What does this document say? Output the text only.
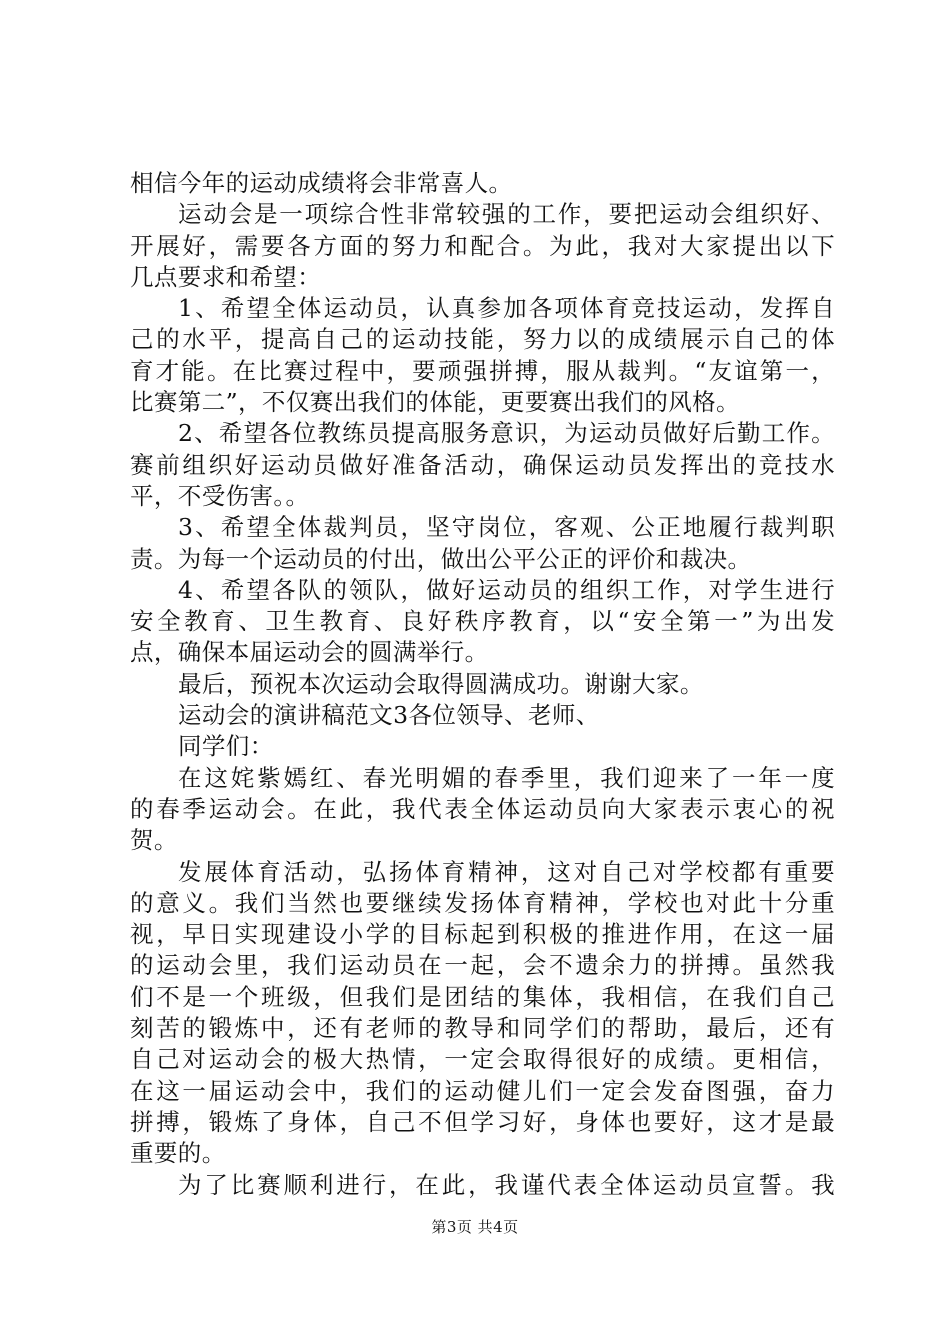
相信今年的运动成绩将会非常喜人。
运动会是一项综合性非常较强的工作，要把运动会组织好、
开展好，需要各方面的努力和配合。为此，我对大家提出以下
几点要求和希望：
1、希望全体运动员，认真参加各项体育竞技运动，发挥自
己的水平，提高自己的运动技能，努力以的成绩展示自己的体
育才能。在比赛过程中，要顽强拼搏，服从裁判。“友谊第一，
比赛第二”，不仅赛出我们的体能，更要赛出我们的风格。
2、希望各位教练员提高服务意识，为运动员做好后勤工作。
赛前组织好运动员做好准备活动，确保运动员发挥出的竞技水
平，不受伤害。。
3、希望全体裁判员，坚守岗位，客观、公正地履行裁判职
责。为每一个运动员的付出，做出公平公正的评价和裁决。
4、希望各队的领队，做好运动员的组织工作，对学生进行
安全教育、卫生教育、良好秩序教育，以“安全第一”为出发
点，确保本届运动会的圆满举行。
最后，预祝本次运动会取得圆满成功。谢谢大家。
运动会的演讲稿范文3各位领导、老师、
同学们：
在这姹紫嫣红、春光明媚的春季里，我们迎来了一年一度
的春季运动会。在此，我代表全体运动员向大家表示衷心的祝
贺。
发展体育活动，弘扬体育精神，这对自己对学校都有重要
的意义。我们当然也要继续发扬体育精神，学校也对此十分重
视，早日实现建设小学的目标起到积极的推进作用，在这一届
的运动会里，我们运动员在一起，会不遗余力的拼搏。虽然我
们不是一个班级，但我们是团结的集体，我相信，在我们自己
刻苦的锻炼中，还有老师的教导和同学们的帮助，最后，还有
自己对运动会的极大热情，一定会取得很好的成绩。更相信，
在这一届运动会中，我们的运动健儿们一定会发奋图强，奋力
拼搏，锻炼了身体，自己不但学习好，身体也要好，这才是最
重要的。
为了比赛顺利进行，在此，我谨代表全体运动员宣誓。我
第3页 共4页
